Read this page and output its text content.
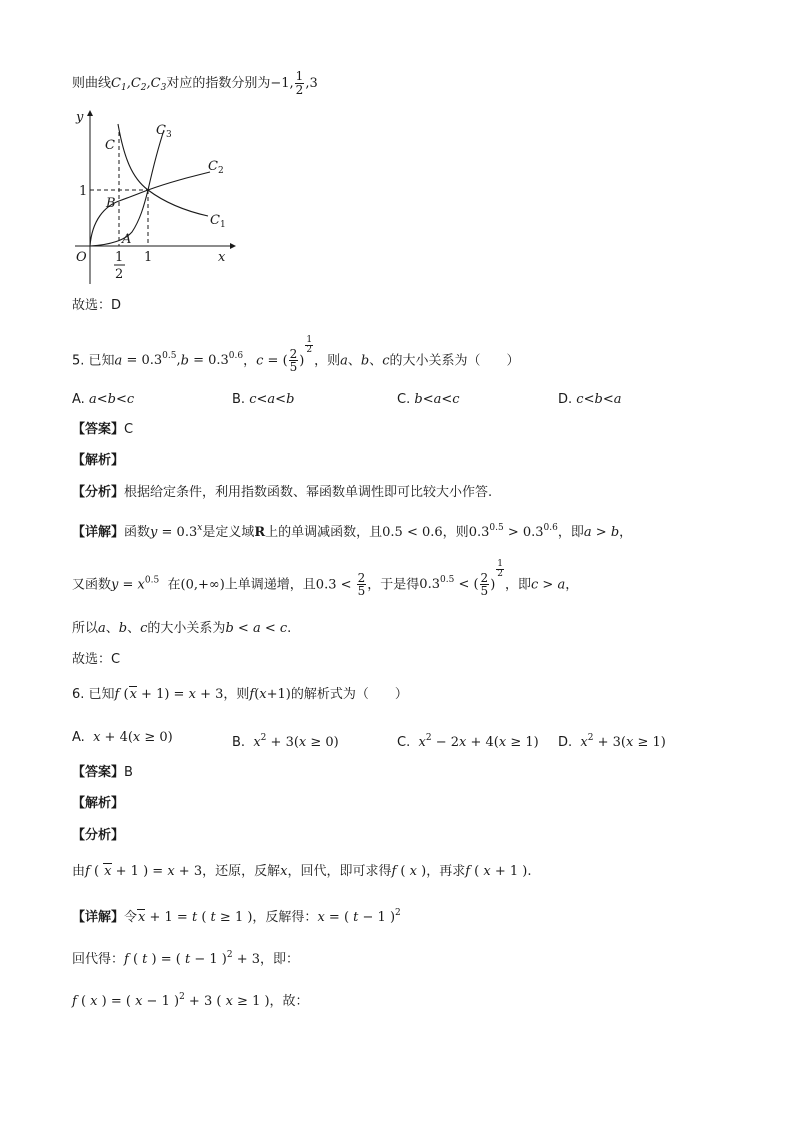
则曲线$C_1,C_2,C_3$对应的指数分别为−1, $\frac{1}{2} ,3$
y
x
O
1
1
1
2
C
B
A
$C_3$
$C_2$
$C_1$
故选：D
5. 已知$a = 0.3^{0.5},b = 0.3^{0.6}$，c = ( $\frac{2}{5}$ )
$\frac{1}{2}$
，则a、b、c的大小关系为（　　）
A. a<b<c	B. c<a<b	C. b<a<c	D. c<b<a
【答案】C
【解析】
【分析】根据给定条件，利用指数函数、幂函数单调性即可比较大小作答.
【详解】函数$y = 0.3^x$是定义域R上的单调减函数，且0.5 < 0.6，则$0.3^{0.5} > 0.3^{0.6}$，即a > b，
又函数$y = x^{0.5}$ 在(0,+∞)上单调递增，且$0.3 < \frac{2}{5}$ ，于是得$0.3^{0.5}$ < ( $\frac{2}{5}$ )
$\frac{1}{2}$
，即c > a，
所以a、b、c的大小关系为b < a < c.
故选：C
6. 已知f (x + 1) = x + 3，则f(x+1)的解析式为（　　）
A. x + 4(x ≥ 0)	B. $x^2 + 3(x \ge 0)$	C. $x^2 - 2x + 4(x \ge 1)$ D. $x^2 + 3(x \ge 1)$
【答案】B
【解析】
【分析】
由f ( x + 1 ) = x + 3，还原，反解x，回代，即可求得f ( x )，再求f ( x + 1 ).
【详解】令x + 1 = t ( t ≥ 1 )，反解得：x = ( t − 1 )$^2$
回代得：f ( t ) = ( t − 1 )$^2$ + 3，即：
f ( x ) = ( x − 1 )$^2$ + 3 ( x ≥ 1 )，故：
